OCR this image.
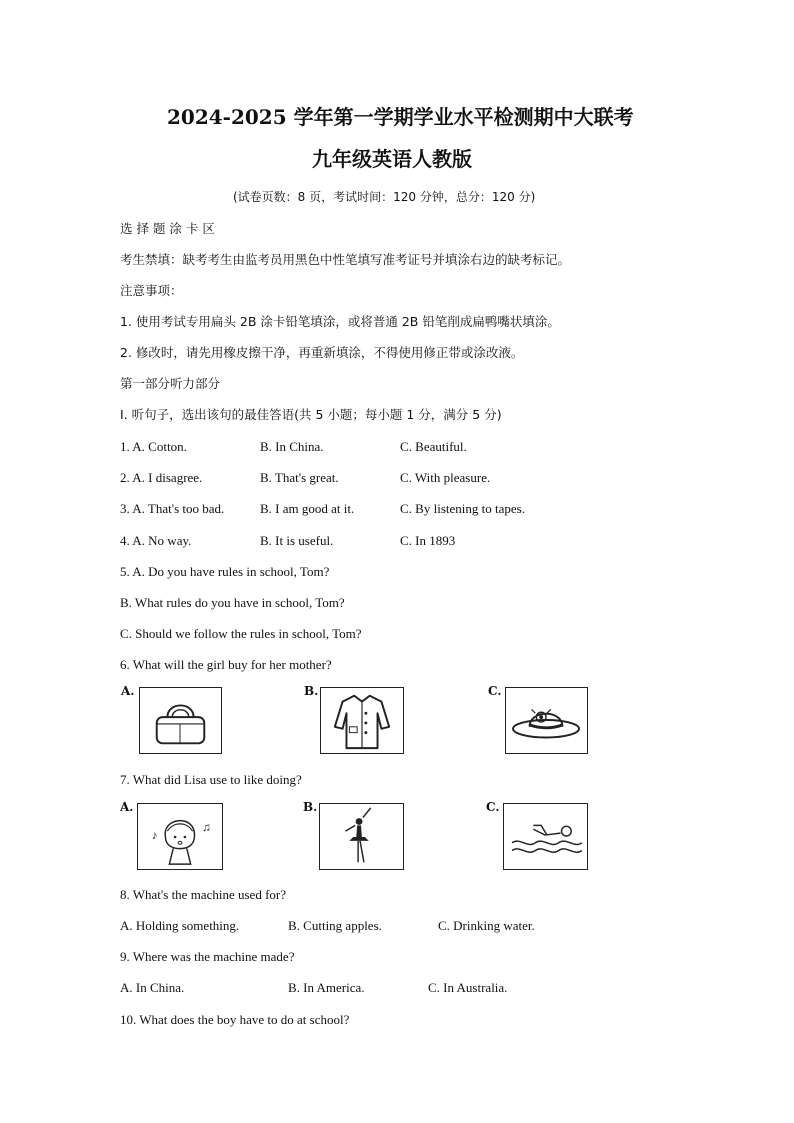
2024-2025 学年第一学期学业水平检测期中大联考
九年级英语人教版
(试卷页数：8 页，考试时间：120 分钟，总分：120 分)
选 择 题 涂 卡 区
考生禁填：缺考考生由监考员用黑色中性笔填写准考证号并填涂右边的缺考标记。
注意事项：
1. 使用考试专用扁头 2B 涂卡铅笔填涂，或将普通 2B 铅笔削成扁鸭嘴状填涂。
2. 修改时，请先用橡皮擦干净，再重新填涂，不得使用修正带或涂改液。
第一部分听力部分
I. 听句子，选出该句的最佳答语(共 5 小题；每小题 1 分，满分 5 分)
1. A. Cotton.	B. In China.	C. Beautiful.
2. A. I disagree.	B. That's great.	C. With pleasure.
3. A. That's too bad.	B. I am good at it.	C. By listening to tapes.
4. A. No way.	B. It is useful.	C. In 1893
5. A. Do you have rules in school, Tom?
B. What rules do you have in school, Tom?
C. Should we follow the rules in school, Tom?
6. What will the girl buy for her mother?
A.	B.	C.
7. What did Lisa use to like doing?
A.
♪
♫
B.	C.
8. What's the machine used for?
A. Holding something.	B. Cutting apples.	C. Drinking water.
9. Where was the machine made?
A. In China.	B. In America.	C. In Australia.
10. What does the boy have to do at school?
